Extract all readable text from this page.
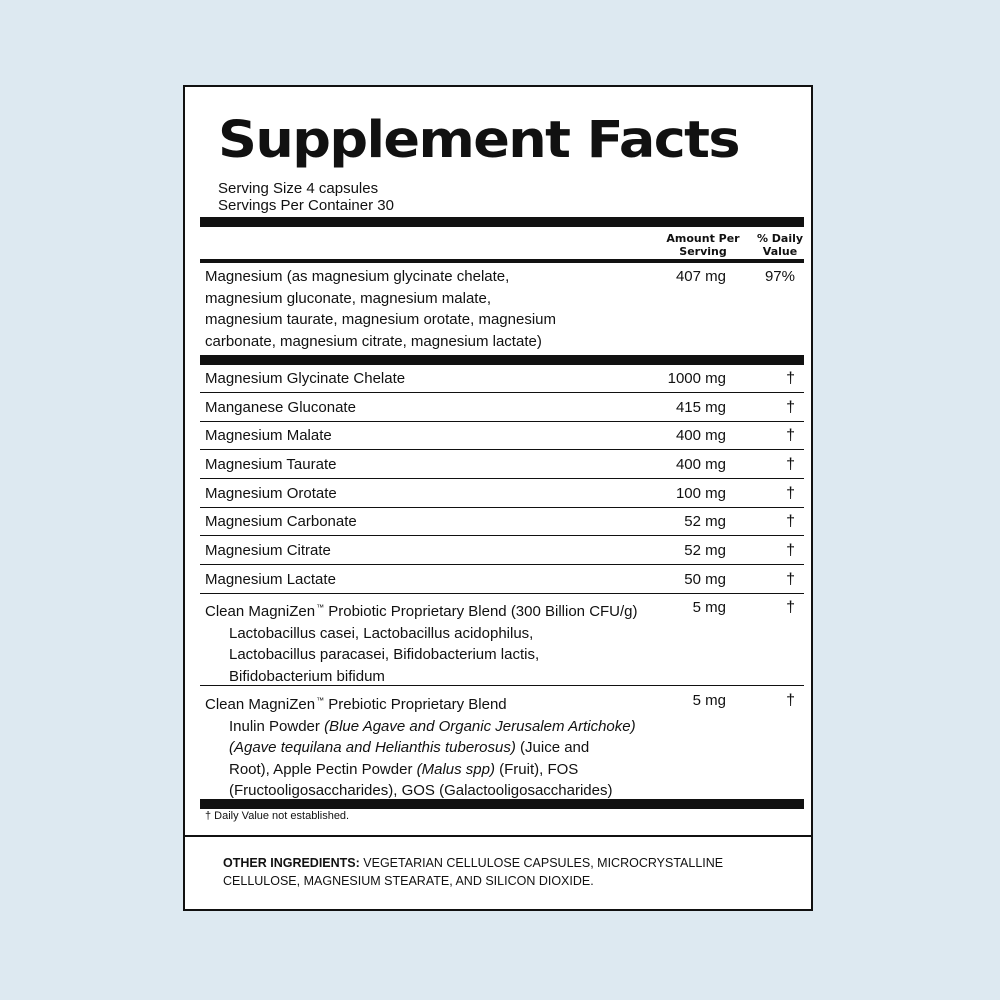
Supplement Facts
Serving Size 4 capsules
Servings Per Container 30
Amount Per
Serving
% Daily
Value
Magnesium (as magnesium glycinate chelate,
magnesium gluconate, magnesium malate,
magnesium taurate, magnesium orotate, magnesium
carbonate, magnesium citrate, magnesium lactate)
407 mg	97%
Magnesium Glycinate Chelate	1000 mg	†
Manganese Gluconate	415 mg	†
Magnesium Malate	400 mg	†
Magnesium Taurate	400 mg	†
Magnesium Orotate	100 mg	†
Magnesium Carbonate	52 mg	†
Magnesium Citrate	52 mg	†
Magnesium Lactate	50 mg	†
Clean MagniZen™ Probiotic Proprietary Blend (300 Billion CFU/g)
Lactobacillus casei, Lactobacillus acidophilus,
Lactobacillus paracasei, Bifidobacterium lactis,
Bifidobacterium bifidum
5 mg	†
Clean MagniZen™ Prebiotic Proprietary Blend
Inulin Powder (Blue Agave and Organic Jerusalem Artichoke)
(Agave tequilana and Helianthis tuberosus) (Juice and
Root), Apple Pectin Powder (Malus spp) (Fruit), FOS
(Fructooligosaccharides), GOS (Galactooligosaccharides)
5 mg	†
† Daily Value not established.
OTHER INGREDIENTS: VEGETARIAN CELLULOSE CAPSULES, MICROCRYSTALLINE
CELLULOSE, MAGNESIUM STEARATE, AND SILICON DIOXIDE.
